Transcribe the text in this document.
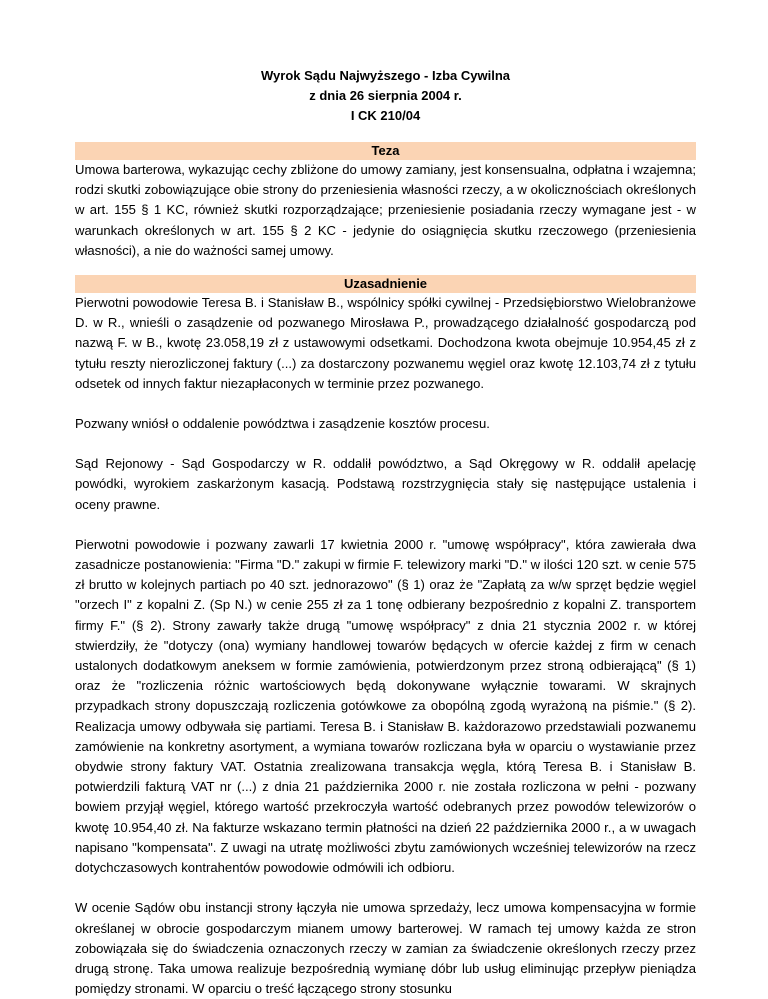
Wyrok Sądu Najwyższego - Izba Cywilna
z dnia 26 sierpnia 2004 r.
I CK 210/04
Teza

Umowa barterowa, wykazując cechy zbliżone do umowy zamiany, jest konsensualna, odpłatna i wzajemna; rodzi skutki zobowiązujące obie strony do przeniesienia własności rzeczy, a w okolicznościach określonych w art. 155 § 1 KC, również skutki rozporządzające; przeniesienie posiadania rzeczy wymagane jest - w warunkach określonych w art. 155 § 2 KC - jedynie do osiągnięcia skutku rzeczowego (przeniesienia własności), a nie do ważności samej umowy.

Uzasadnienie

Pierwotni powodowie Teresa B. i Stanisław B., wspólnicy spółki cywilnej - Przedsiębiorstwo Wielobranżowe D. w R., wnieśli o zasądzenie od pozwanego Mirosława P., prowadzącego działalność gospodarczą pod nazwą F. w B., kwotę 23.058,19 zł z ustawowymi odsetkami. Dochodzona kwota obejmuje 10.954,45 zł z tytułu reszty nierozliczonej faktury (...) za dostarczony pozwanemu węgiel oraz kwotę 12.103,74 zł z tytułu odsetek od innych faktur niezapłaconych w terminie przez pozwanego.

Pozwany wniósł o oddalenie powództwa i zasądzenie kosztów procesu.

Sąd Rejonowy - Sąd Gospodarczy w R. oddalił powództwo, a Sąd Okręgowy w R. oddalił apelację powódki, wyrokiem zaskarżonym kasacją. Podstawą rozstrzygnięcia stały się następujące ustalenia i oceny prawne.

Pierwotni powodowie i pozwany zawarli 17 kwietnia 2000 r. "umowę współpracy", która zawierała dwa zasadnicze postanowienia: "Firma "D." zakupi w firmie F. telewizory marki "D." w ilości 120 szt. w cenie 575 zł brutto w kolejnych partiach po 40 szt. jednorazowo" (§ 1) oraz że "Zapłatą za w/w sprzęt będzie węgiel "orzech I" z kopalni Z. (Sp N.) w cenie 255 zł za 1 tonę odbierany bezpośrednio z kopalni Z. transportem firmy F." (§ 2). Strony zawarły także drugą "umowę współpracy" z dnia 21 stycznia 2002 r. w której stwierdziły, że "dotyczy (ona) wymiany handlowej towarów będących w ofercie każdej z firm w cenach ustalonych dodatkowym aneksem w formie zamówienia, potwierdzonym przez stroną odbierającą" (§ 1) oraz że "rozliczenia różnic wartościowych będą dokonywane wyłącznie towarami. W skrajnych przypadkach strony dopuszczają rozliczenia gotówkowe za obopólną zgodą wyrażoną na piśmie." (§ 2). Realizacja umowy odbywała się partiami. Teresa B. i Stanisław B. każdorazowo przedstawiali pozwanemu zamówienie na konkretny asortyment, a wymiana towarów rozliczana była w oparciu o wystawianie przez obydwie strony faktury VAT. Ostatnia zrealizowana transakcja węgla, którą Teresa B. i Stanisław B. potwierdzili fakturą VAT nr (...) z dnia 21 października 2000 r. nie została rozliczona w pełni - pozwany bowiem przyjął węgiel, którego wartość przekroczyła wartość odebranych przez powodów telewizorów o kwotę 10.954,40 zł. Na fakturze wskazano termin płatności na dzień 22 października 2000 r., a w uwagach napisano "kompensata". Z uwagi na utratę możliwości zbytu zamówionych wcześniej telewizorów na rzecz dotychczasowych kontrahentów powodowie odmówili ich odbioru.

W ocenie Sądów obu instancji strony łączyła nie umowa sprzedaży, lecz umowa kompensacyjna w formie określanej w obrocie gospodarczym mianem umowy barterowej. W ramach tej umowy każda ze stron zobowiązała się do świadczenia oznaczonych rzeczy w zamian za świadczenie określonych rzeczy przez drugą stronę. Taka umowa realizuje bezpośrednią wymianę dóbr lub usług eliminując przepływ pieniądza pomiędzy stronami. W oparciu o treść łączącego strony stosunku
